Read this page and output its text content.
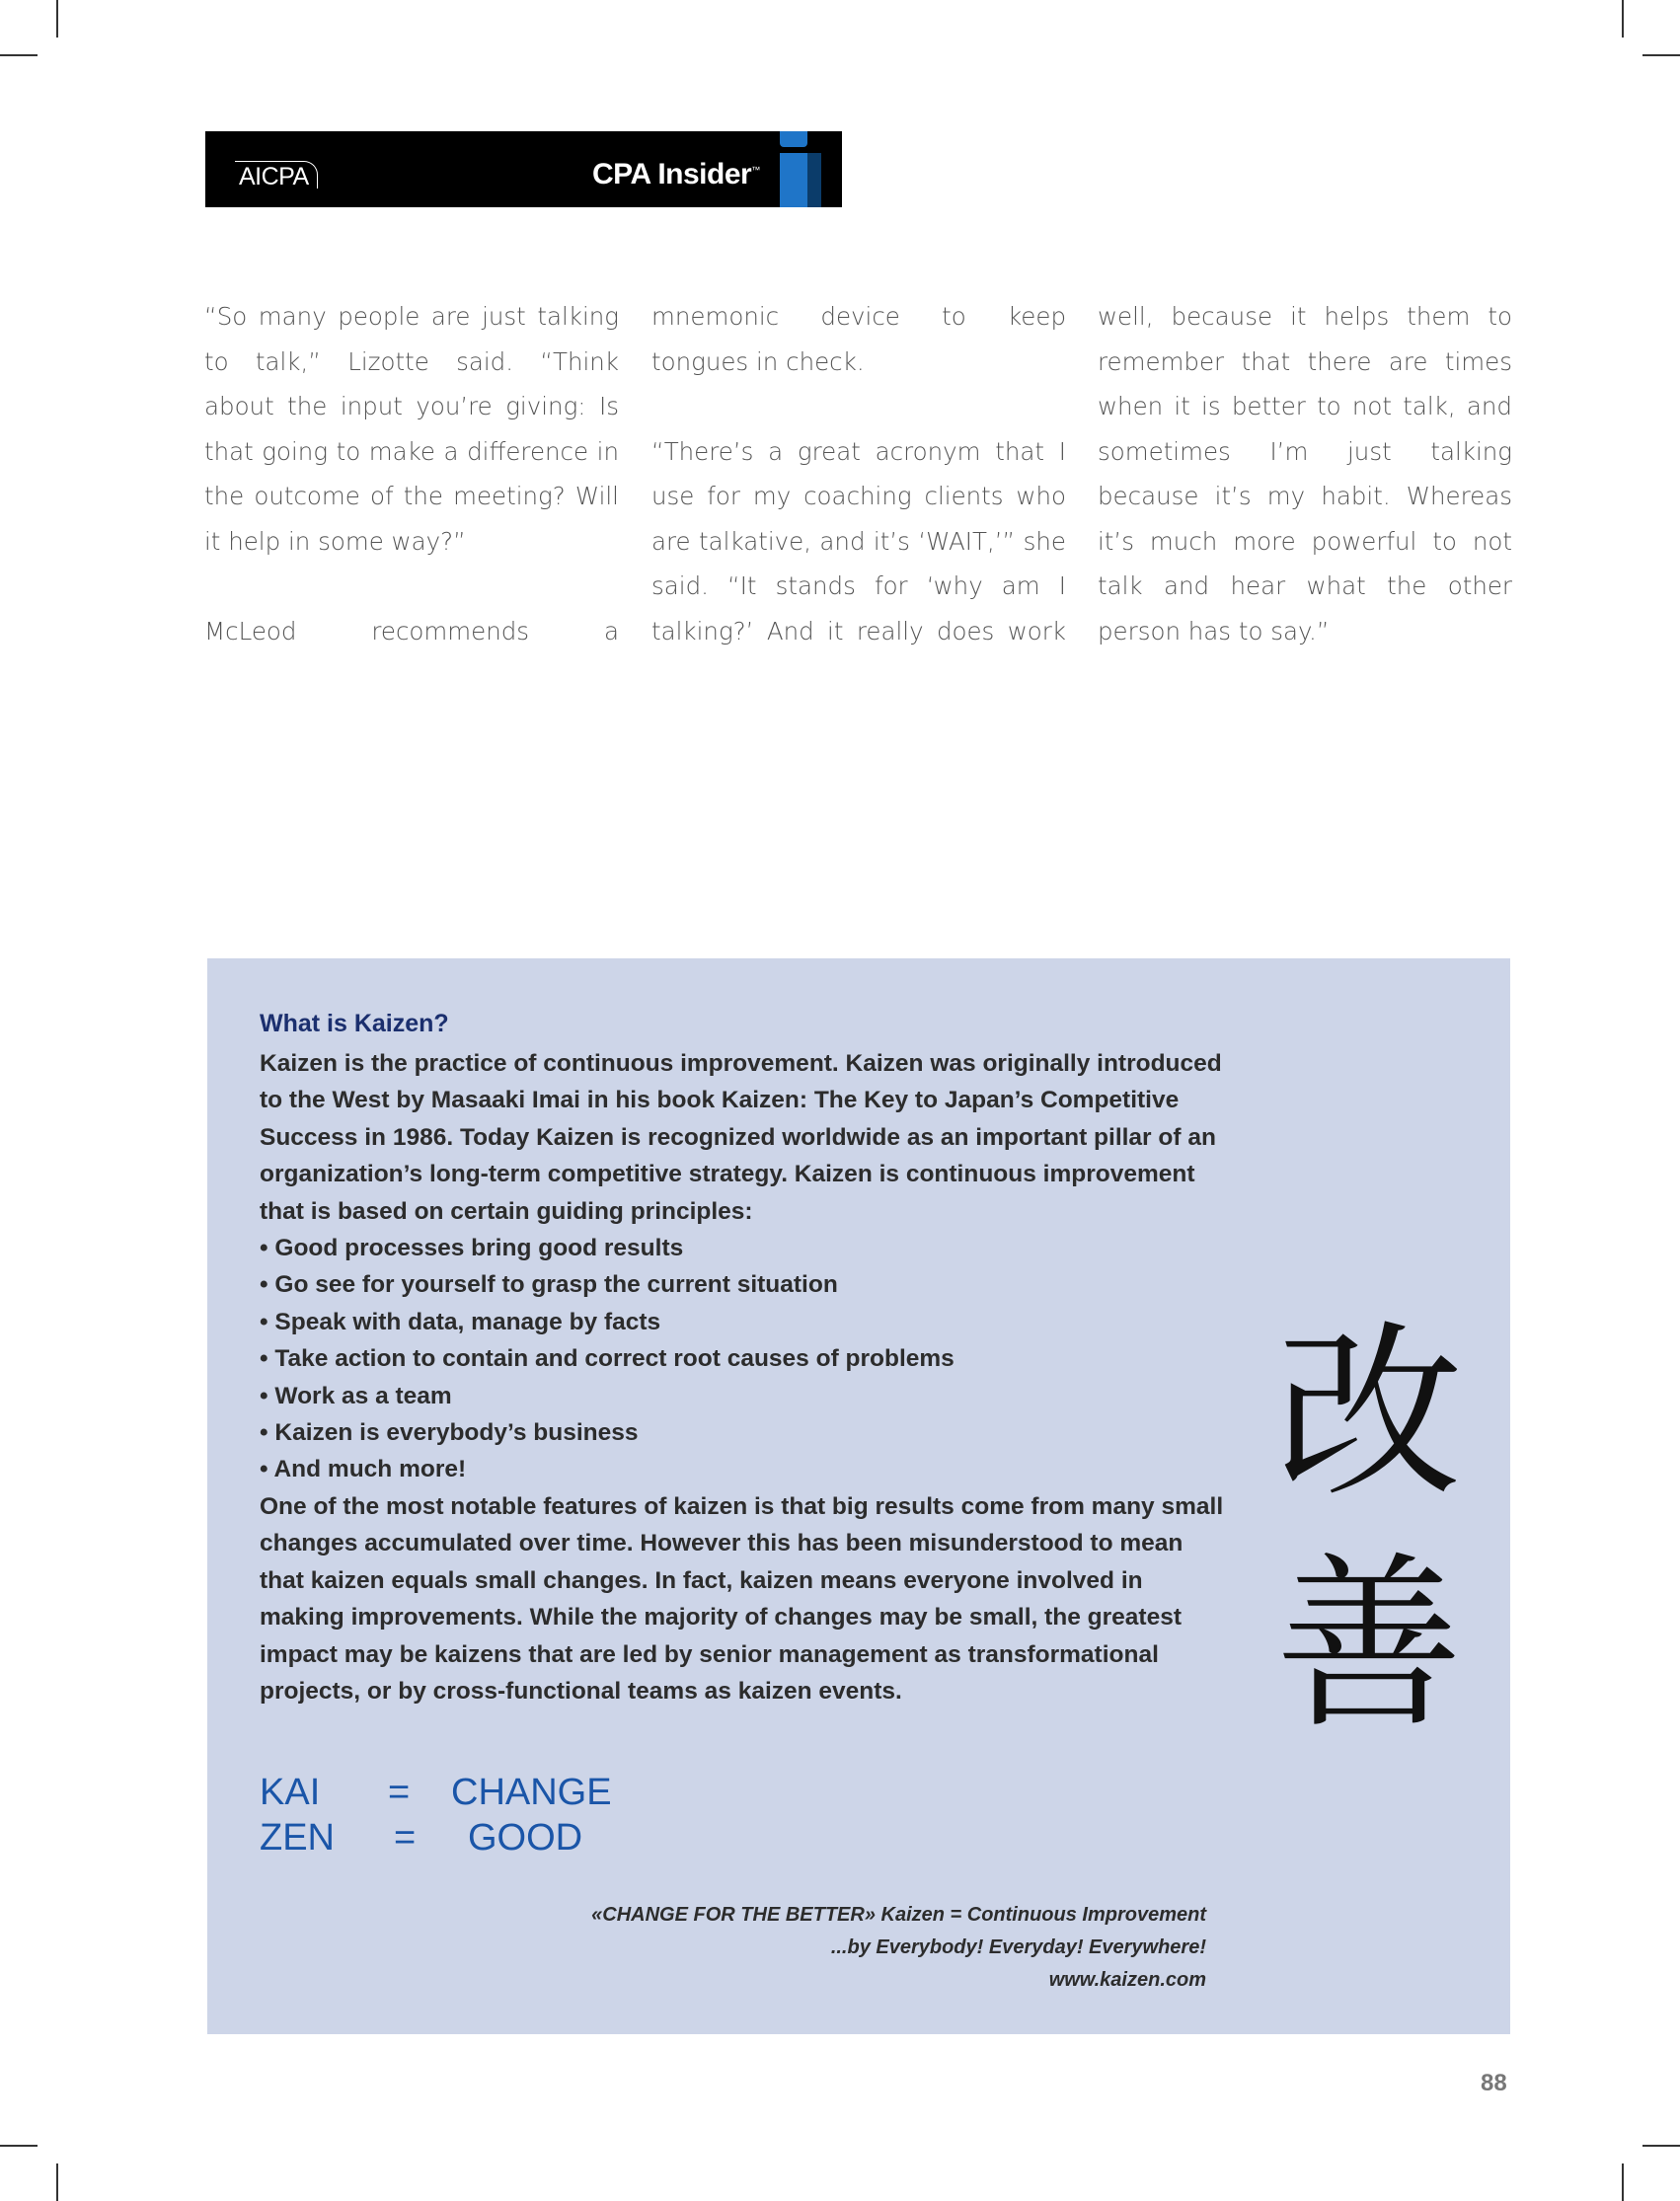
AICPA	CPA Insider™

“So many people are just talking to talk,” Lizotte said. “Think about the input you’re giving: Is that going to make a difference in the outcome of the meeting? Will it help in some way?”

McLeod	recommends	a

mnemonic device to keep tongues in check.

“There’s a great acronym that I use for my coaching clients who are talkative, and it’s ‘WAIT,’” she said. “It stands for ‘why am I talking?’ And it really does work

well, because it helps them to remember that there are times when it is better to not talk, and sometimes I’m just talking because it’s my habit. Whereas it’s much more powerful to not talk and hear what the other person has to say.”

What is Kaizen?

Kaizen is the practice of continuous improvement. Kaizen was originally introduced to the West by Masaaki Imai in his book Kaizen: The Key to Japan’s Competitive Success in 1986. Today Kaizen is recognized worldwide as an important pillar of an organization’s long-term competitive strategy. Kaizen is continuous improvement that is based on certain guiding principles:

• Good processes bring good results
• Go see for yourself to grasp the current situation
• Speak with data, manage by facts
• Take action to contain and correct root causes of problems
• Work as a team
• Kaizen is everybody’s business
• And much more!

One of the most notable features of kaizen is that big results come from many small changes accumulated over time. However this has been misunderstood to mean that kaizen equals small changes. In fact, kaizen means everyone involved in making improvements. While the majority of changes may be small, the greatest impact may be kaizens that are led by senior management as transformational projects, or by cross-functional teams as kaizen events.

改
善
KAI = CHANGE
ZEN = GOOD
«CHANGE FOR THE BETTER» Kaizen = Continuous Improvement
...by Everybody! Everyday! Everywhere!
www.kaizen.com
88
